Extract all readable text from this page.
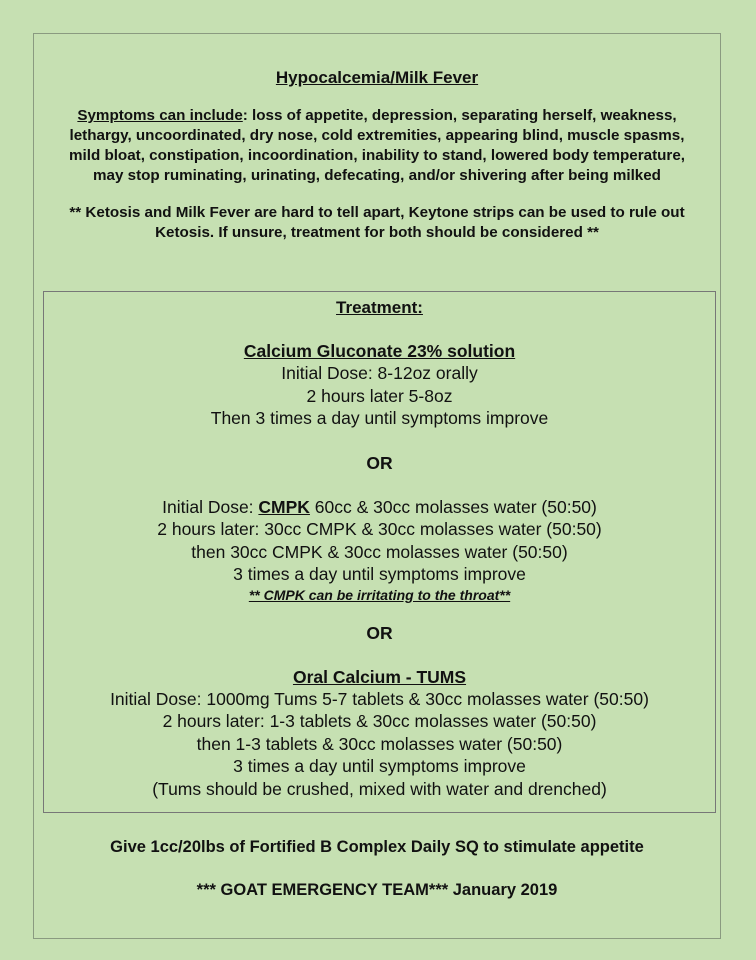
Hypocalcemia/Milk Fever
Symptoms can include: loss of appetite, depression, separating herself, weakness, lethargy, uncoordinated, dry nose, cold extremities, appearing blind, muscle spasms, mild bloat, constipation, incoordination, inability to stand, lowered body temperature, may stop ruminating, urinating, defecating, and/or shivering after being milked
** Ketosis and Milk Fever are hard to tell apart, Keytone strips can be used to rule out Ketosis. If unsure, treatment for both should be considered **
Treatment:
Calcium Gluconate 23% solution
Initial Dose: 8-12oz orally
2 hours later 5-8oz
Then 3 times a day until symptoms improve
OR
Initial Dose: CMPK 60cc & 30cc molasses water (50:50)
2 hours later: 30cc CMPK & 30cc molasses water (50:50)
then 30cc CMPK & 30cc molasses water (50:50)
3 times a day until symptoms improve
** CMPK can be irritating to the throat**
OR
Oral Calcium - TUMS
Initial Dose: 1000mg Tums 5-7 tablets & 30cc molasses water (50:50)
2 hours later: 1-3 tablets & 30cc molasses water (50:50)
then 1-3 tablets & 30cc molasses water (50:50)
3 times a day until symptoms improve
(Tums should be crushed, mixed with water and drenched)
Give 1cc/20lbs of Fortified B Complex Daily SQ to stimulate appetite
*** GOAT EMERGENCY TEAM*** January 2019
